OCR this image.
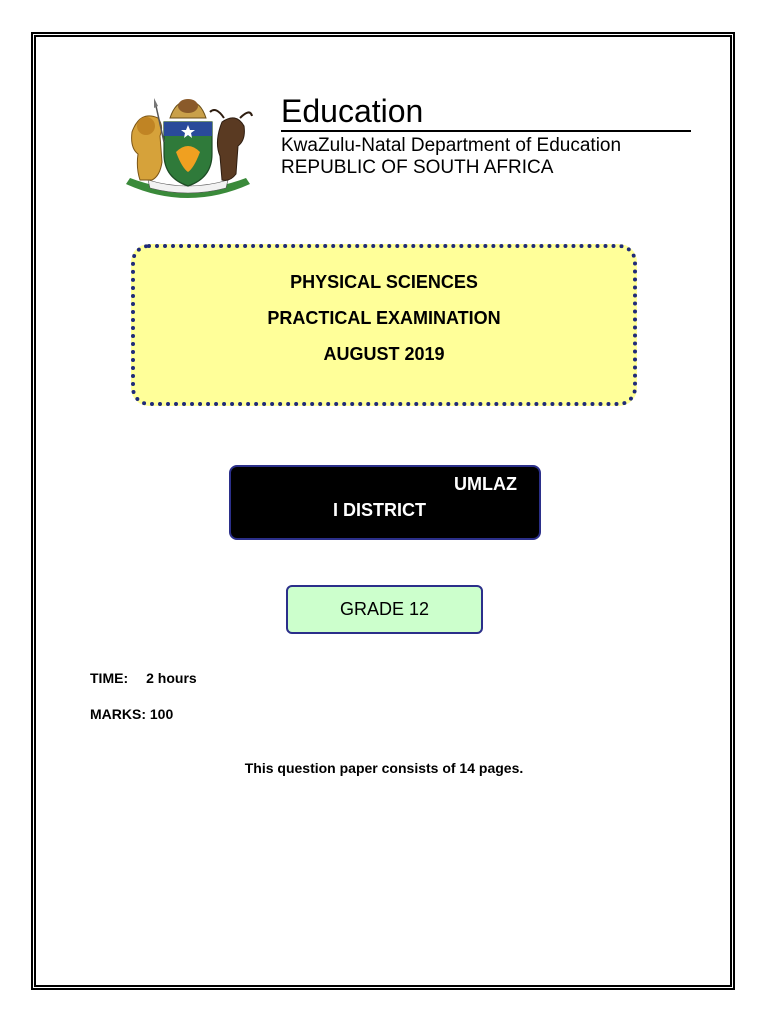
Education
KwaZulu-Natal Department of Education
REPUBLIC OF SOUTH AFRICA
PHYSICAL SCIENCES
PRACTICAL EXAMINATION
AUGUST 2019
UMLAZ
I DISTRICT
GRADE 12
TIME: 2 hours
MARKS: 100
This question paper consists of 14 pages.
